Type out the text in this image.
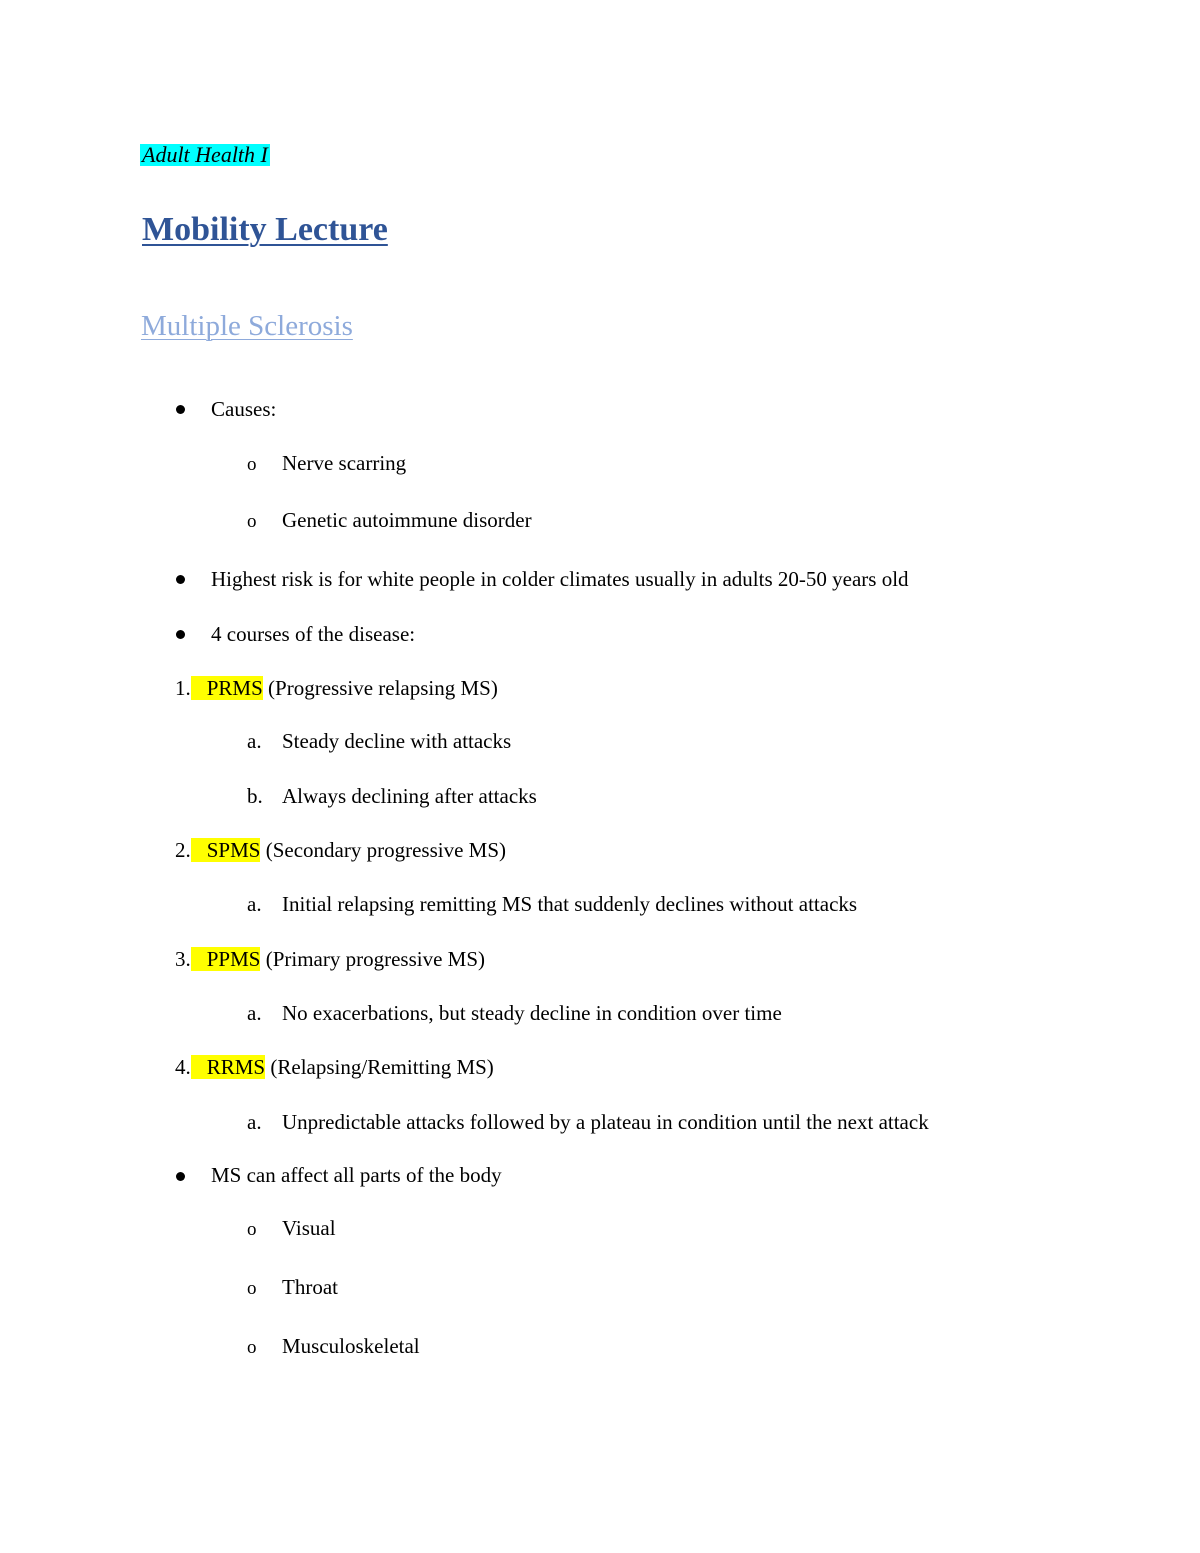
Adult Health I
Mobility Lecture
Multiple Sclerosis
Causes:
o Nerve scarring
o Genetic autoimmune disorder
Highest risk is for white people in colder climates usually in adults 20-50 years old
4 courses of the disease:
1. PRMS (Progressive relapsing MS)
a. Steady decline with attacks
b. Always declining after attacks
2. SPMS (Secondary progressive MS)
a. Initial relapsing remitting MS that suddenly declines without attacks
3. PPMS (Primary progressive MS)
a. No exacerbations, but steady decline in condition over time
4. RRMS (Relapsing/Remitting MS)
a. Unpredictable attacks followed by a plateau in condition until the next attack
MS can affect all parts of the body
o Visual
o Throat
o Musculoskeletal
